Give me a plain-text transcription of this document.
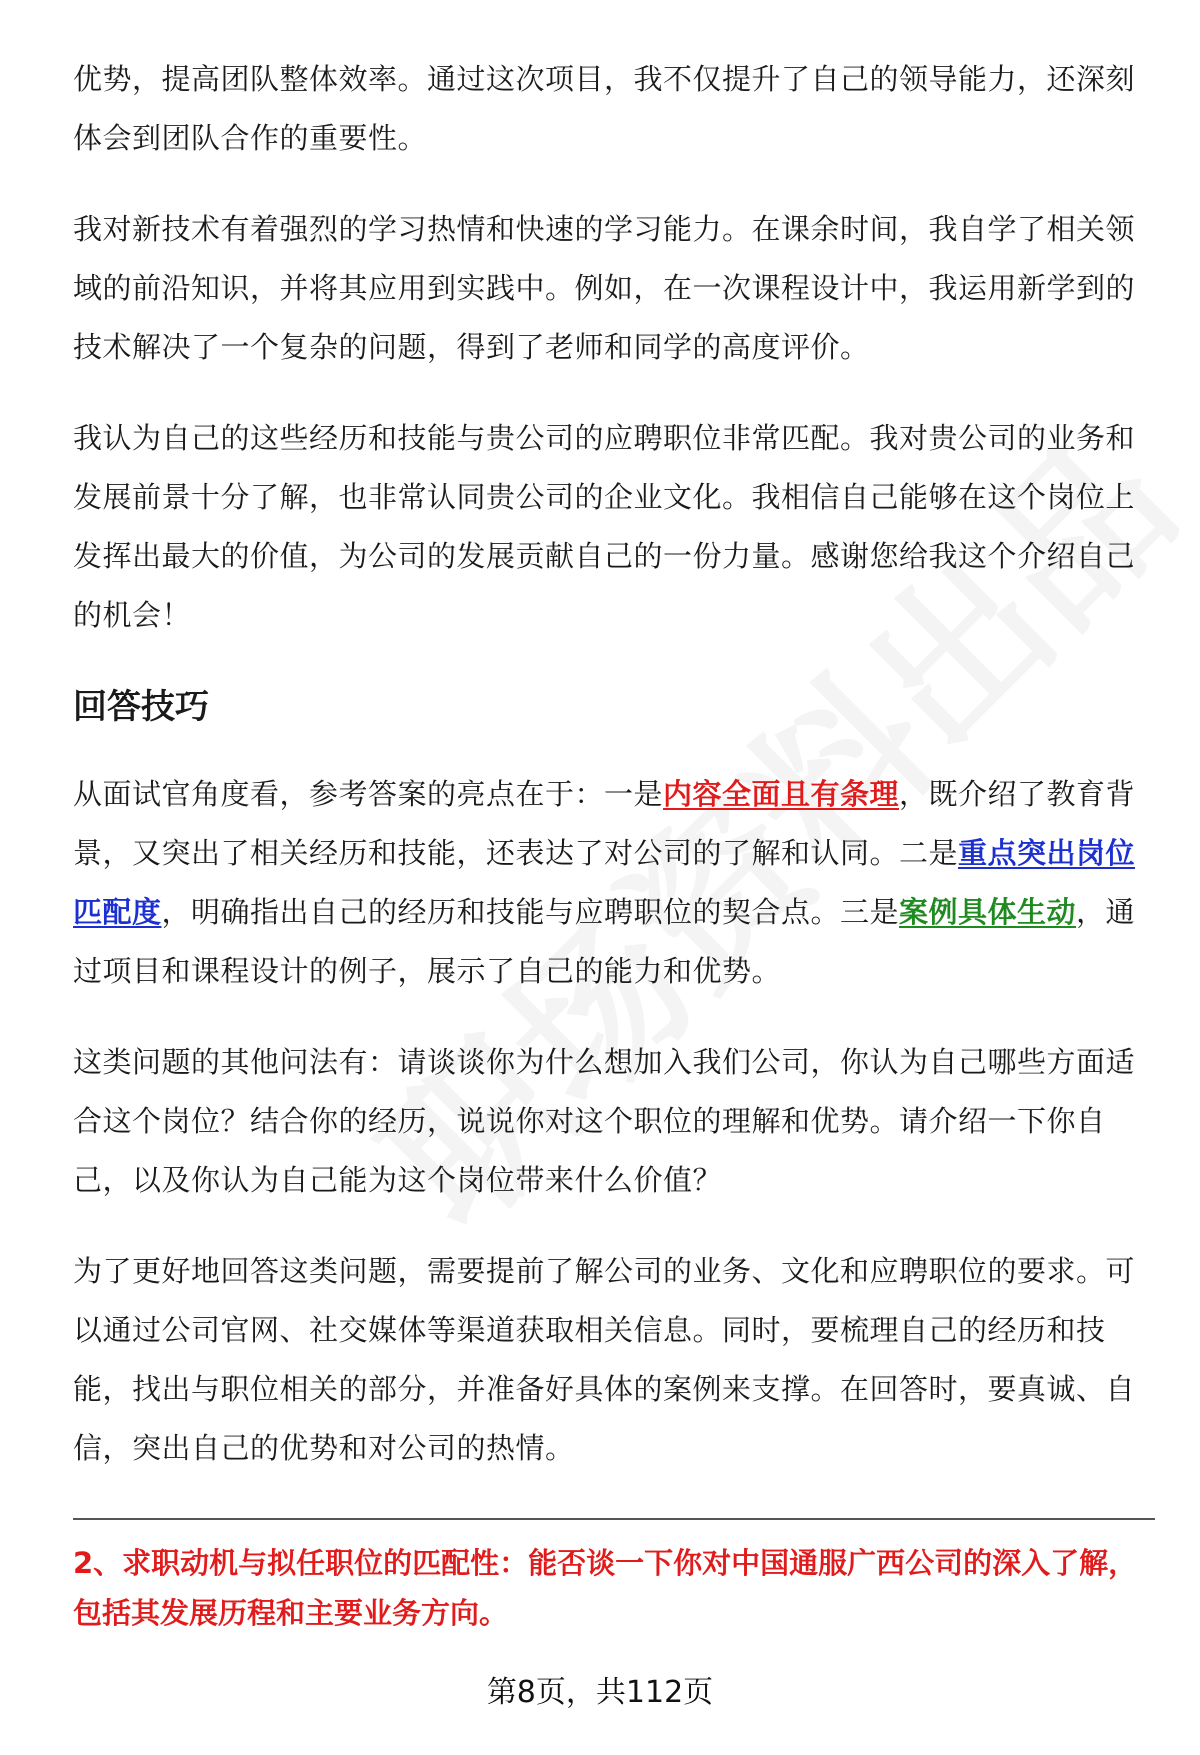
优势，提高团队整体效率。通过这次项目，我不仅提升了自己的领导能力，还深刻体会到团队合作的重要性。

我对新技术有着强烈的学习热情和快速的学习能力。在课余时间，我自学了相关领域的前沿知识，并将其应用到实践中。例如，在一次课程设计中，我运用新学到的技术解决了一个复杂的问题，得到了老师和同学的高度评价。

我认为自己的这些经历和技能与贵公司的应聘职位非常匹配。我对贵公司的业务和发展前景十分了解，也非常认同贵公司的企业文化。我相信自己能够在这个岗位上发挥出最大的价值，为公司的发展贡献自己的一份力量。感谢您给我这个介绍自己的机会！

回答技巧

从面试官角度看，参考答案的亮点在于：一是内容全面且有条理，既介绍了教育背景，又突出了相关经历和技能，还表达了对公司的了解和认同。二是重点突出岗位匹配度，明确指出自己的经历和技能与应聘职位的契合点。三是案例具体生动，通过项目和课程设计的例子，展示了自己的能力和优势。

这类问题的其他问法有：请谈谈你为什么想加入我们公司，你认为自己哪些方面适合这个岗位？结合你的经历，说说你对这个职位的理解和优势。请介绍一下你自己，以及你认为自己能为这个岗位带来什么价值？

为了更好地回答这类问题，需要提前了解公司的业务、文化和应聘职位的要求。可以通过公司官网、社交媒体等渠道获取相关信息。同时，要梳理自己的经历和技能，找出与职位相关的部分，并准备好具体的案例来支撑。在回答时，要真诚、自信，突出自己的优势和对公司的热情。

2、求职动机与拟任职位的匹配性：能否谈一下你对中国通服广西公司的深入了解，包括其发展历程和主要业务方向。

第8页，共112页
